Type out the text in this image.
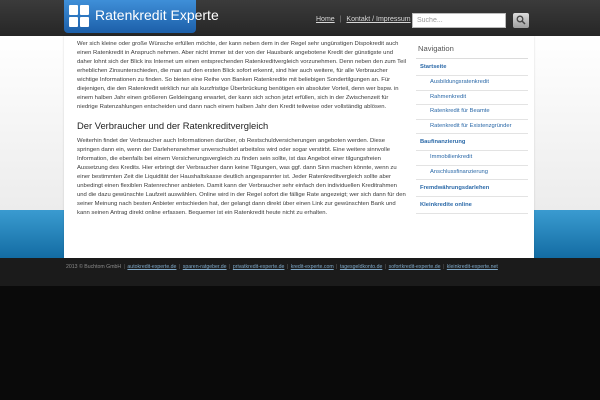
Ratenkredit Experte	Home | Kontakt / Impressum
Suche...
2013 © Buchtom GmbH | autokredit-experte.de | sparen-ratgeber.de | privatkredit-experte.de | kredit-experte.com | tagesgeldkonto.de | sofortkredit-experte.de | kleinkredit-experte.net

Wer sich kleine oder große Wünsche erfüllen möchte, der kann neben dem in der Regel sehr ungünstigen Dispokredit auch einen Ratenkredit in Anspruch nehmen. Aber nicht immer ist der von der Hausbank angebotene Kredit der günstigste und daher lohnt sich der Blick ins Internet um einen entsprechenden Ratenkreditvergleich vorzunehmen. Denn neben den zum Teil erheblichen Zinsunterschieden, die man auf den ersten Blick sofort erkennt, sind hier auch weitere, für alle Verbraucher wichtige Informationen zu finden. So bieten eine Reihe von Banken Ratenkredite mit beliebigen Sondertilgungen an. Für diejenigen, die den Ratenkredit wirklich nur als kurzfristige Überbrückung benötigen ein absoluter Vorteil, denn wer bspw. in einem halben Jahr einen größeren Geldeingang erwartet, der kann sich schon jetzt erfüllen, sich in der Zwischenzeit für niedrige Ratenzahlungen entscheiden und dann nach einem halben Jahr den Kredit teilweise oder vollständig ablösen.

Der Verbraucher und der Ratenkreditvergleich

Weiterhin findet der Verbraucher auch Informationen darüber, ob Restschuldversicherungen angeboten werden. Diese springen dann ein, wenn der Darlehensnehmer unverschuldet arbeitslos wird oder sogar verstirbt. Eine weitere sinnvolle Information, die ebenfalls bei einem Versicherungsvergleich zu finden sein sollte, ist das Angebot einer tilgungsfreien Aussetzung des Kredits. Hier erbringt der Verbraucher dann keine Tilgungen, was ggf. dann Sinn machen könnte, wenn zu einer bestimmten Zeit die Liquidität der Haushaltskasse deutlich angespannter ist. Jeder Ratenkreditvergleich sollte aber unbedingt einen flexiblen Ratenrechner anbieten. Damit kann der Verbraucher sehr einfach den individuellen Kreditrahmen und die dazu gewünschte Laufzeit auswählen. Online wird in der Regel sofort die fällige Rate angezeigt; wer sich dann für den seiner Meinung nach besten Anbieter entschieden hat, der gelangt dann direkt über einen Link zur gewünschten Bank und kann seinen Antrag direkt online erfassen. Bequemer ist ein Ratenkredit heute nicht zu erhalten.

Navigation
Startseite
Ausbildungsratenkredit
Rahmenkredit
Ratenkredit für Beamte
Ratenkredit für Existenzgründer
Baufinanzierung
Immobilienkredit
Anschlussfinanzierung
Fremdwährungsdarlehen
Kleinkredite online
